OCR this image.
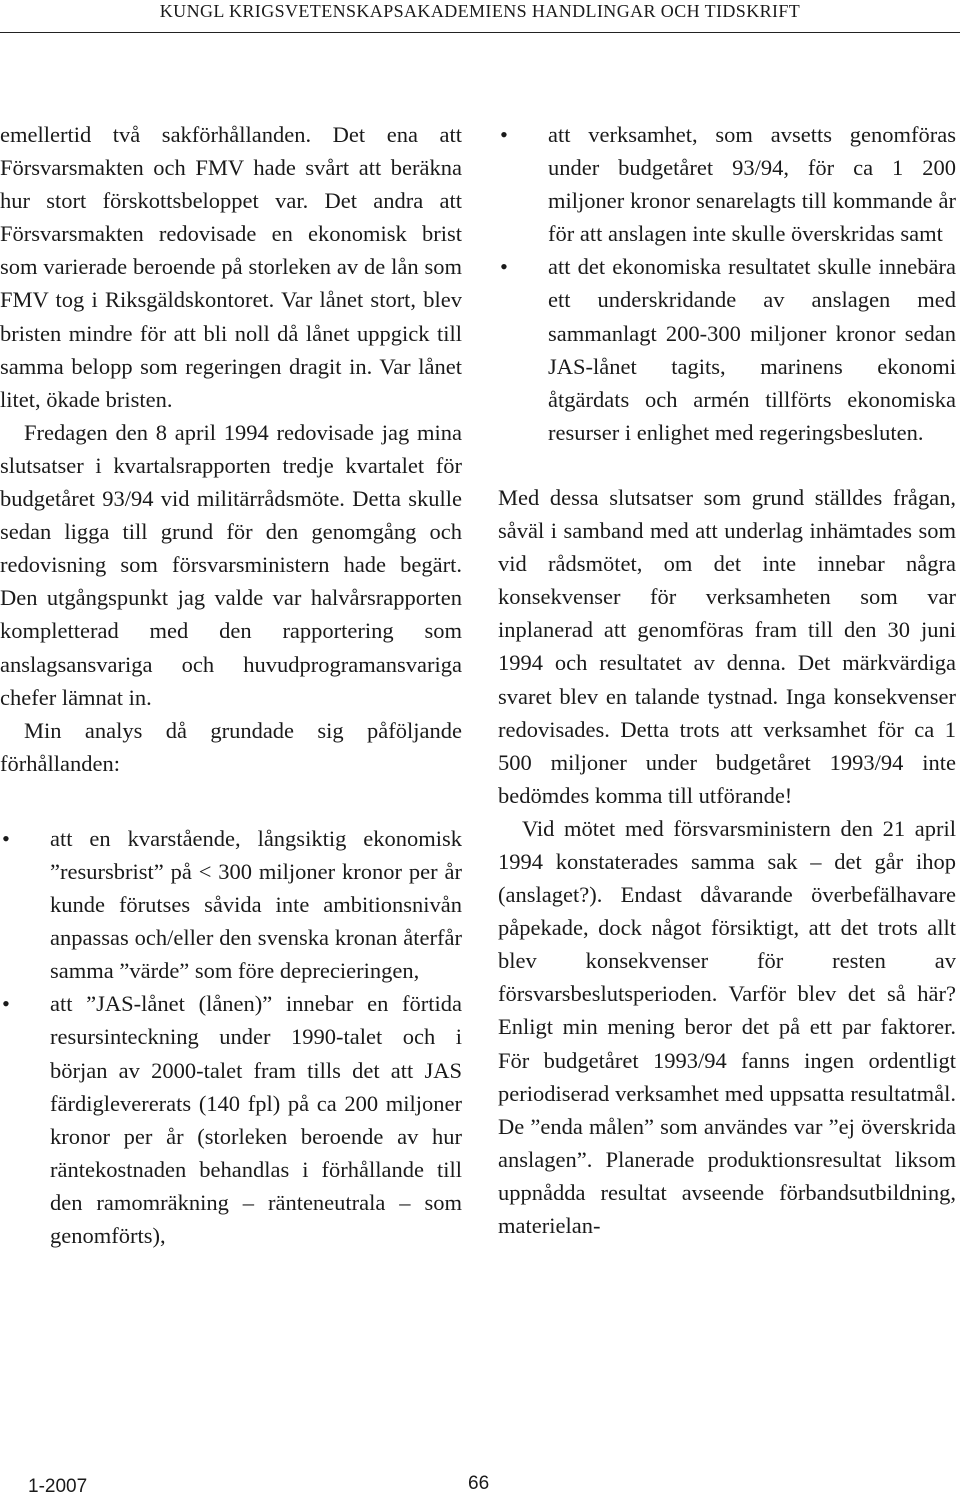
KUNGL KRIGSVETENSKAPSAKADEMIENS HANDLINGAR OCH TIDSKRIFT

emellertid två sakförhållanden. Det ena att Försvarsmakten och FMV hade svårt att beräkna hur stort förskottsbeloppet var. Det andra att Försvarsmakten redovisade en ekonomisk brist som varierade beroende på storleken av de lån som FMV tog i Riksgäldskontoret. Var lånet stort, blev bristen mindre för att bli noll då lånet uppgick till samma belopp som regeringen dragit in. Var lånet litet, ökade bristen.

Fredagen den 8 april 1994 redovisade jag mina slutsatser i kvartalsrapporten tredje kvartalet för budgetåret 93/94 vid militärrådsmöte. Detta skulle sedan ligga till grund för den genomgång och redovisning som försvarsministern hade begärt. Den utgångspunkt jag valde var halvårsrapporten kompletterad med den rapportering som anslagsansvariga och huvudprogramansvariga chefer lämnat in.

Min analys då grundade sig påföljande förhållanden:

•	att en kvarstående, långsiktig ekonomisk ”resursbrist” på < 300 miljoner kronor per år kunde förutses såvida inte ambitionsnivån anpassas och/eller den svenska kronan återfår samma ”värde” som före deprecieringen,
•	att ”JAS-lånet (lånen)” innebar en förtida resursinteckning under 1990-talet och i början av 2000-talet fram tills det att JAS färdiglevererats (140 fpl) på ca 200 miljoner kronor per år (storleken beroende av hur räntekostnaden behandlas i förhållande till den ramomräkning – ränteneutrala – som genomförts),
•	att verksamhet, som avsetts genomföras under budgetåret 93/94, för ca 1 200 miljoner kronor senarelagts till kommande år för att anslagen inte skulle överskridas samt
•	att det ekonomiska resultatet skulle innebära ett underskridande av anslagen med sammanlagt 200-300 miljoner kronor sedan JAS-lånet tagits, marinens ekonomi åtgärdats och armén tillförts ekonomiska resurser i enlighet med regeringsbesluten.

Med dessa slutsatser som grund ställdes frågan, såväl i samband med att underlag inhämtades som vid rådsmötet, om det inte innebar några konsekvenser för verksamheten som var inplanerad att genomföras fram till den 30 juni 1994 och resultatet av denna. Det märkvärdiga svaret blev en talande tystnad. Inga konsekvenser redovisades. Detta trots att verksamhet för ca 1 500 miljoner under budgetåret 1993/94 inte bedömdes komma till utförande!

Vid mötet med försvarsministern den 21 april 1994 konstaterades samma sak – det går ihop (anslaget?). Endast dåvarande överbefälhavare påpekade, dock något försiktigt, att det trots allt blev konsekvenser för resten av försvarsbeslutsperioden. Varför blev det så här? Enligt min mening beror det på ett par faktorer. För budgetåret 1993/94 fanns ingen ordentligt periodiserad verksamhet med uppsatta resultatmål. De ”enda målen” som användes var ”ej överskrida anslagen”. Planerade produktionsresultat liksom uppnådda resultat avseende förbandsutbildning, materielan-

1-2007	66
